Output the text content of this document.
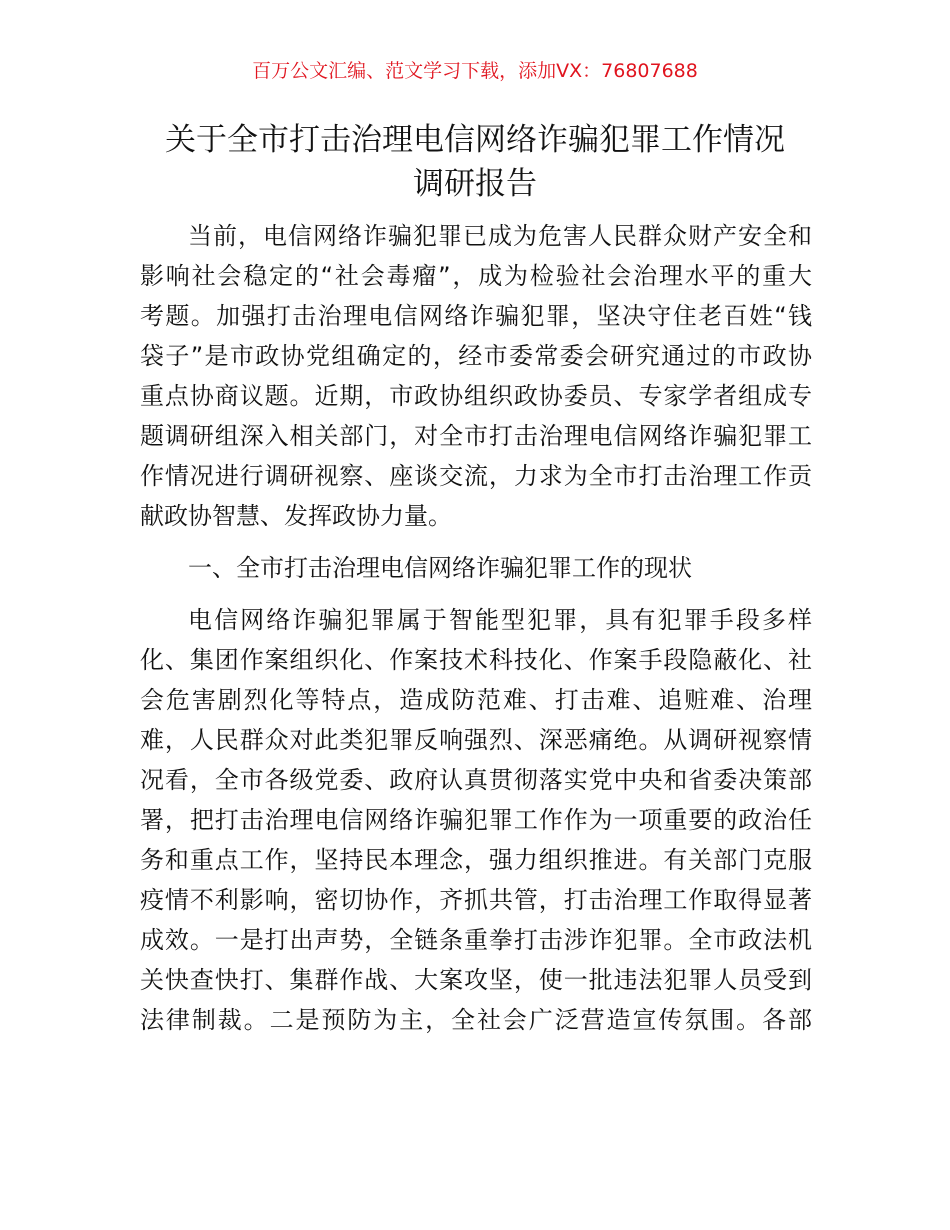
百万公文汇编、范文学习下载，添加VX：76807688
关于全市打击治理电信网络诈骗犯罪工作情况
调研报告
当前，电信网络诈骗犯罪已成为危害人民群众财产安全和
影响社会稳定的“社会毒瘤”，成为检验社会治理水平的重大
考题。加强打击治理电信网络诈骗犯罪，坚决守住老百姓“钱
袋子”是市政协党组确定的，经市委常委会研究通过的市政协
重点协商议题。近期，市政协组织政协委员、专家学者组成专
题调研组深入相关部门，对全市打击治理电信网络诈骗犯罪工
作情况进行调研视察、座谈交流，力求为全市打击治理工作贡
献政协智慧、发挥政协力量。
一、全市打击治理电信网络诈骗犯罪工作的现状
电信网络诈骗犯罪属于智能型犯罪，具有犯罪手段多样
化、集团作案组织化、作案技术科技化、作案手段隐蔽化、社
会危害剧烈化等特点，造成防范难、打击难、追赃难、治理
难，人民群众对此类犯罪反响强烈、深恶痛绝。从调研视察情
况看，全市各级党委、政府认真贯彻落实党中央和省委决策部
署，把打击治理电信网络诈骗犯罪工作作为一项重要的政治任
务和重点工作，坚持民本理念，强力组织推进。有关部门克服
疫情不利影响，密切协作，齐抓共管，打击治理工作取得显著
成效。一是打出声势，全链条重拳打击涉诈犯罪。全市政法机
关快查快打、集群作战、大案攻坚，使一批违法犯罪人员受到
法律制裁。二是预防为主，全社会广泛营造宣传氛围。各部
